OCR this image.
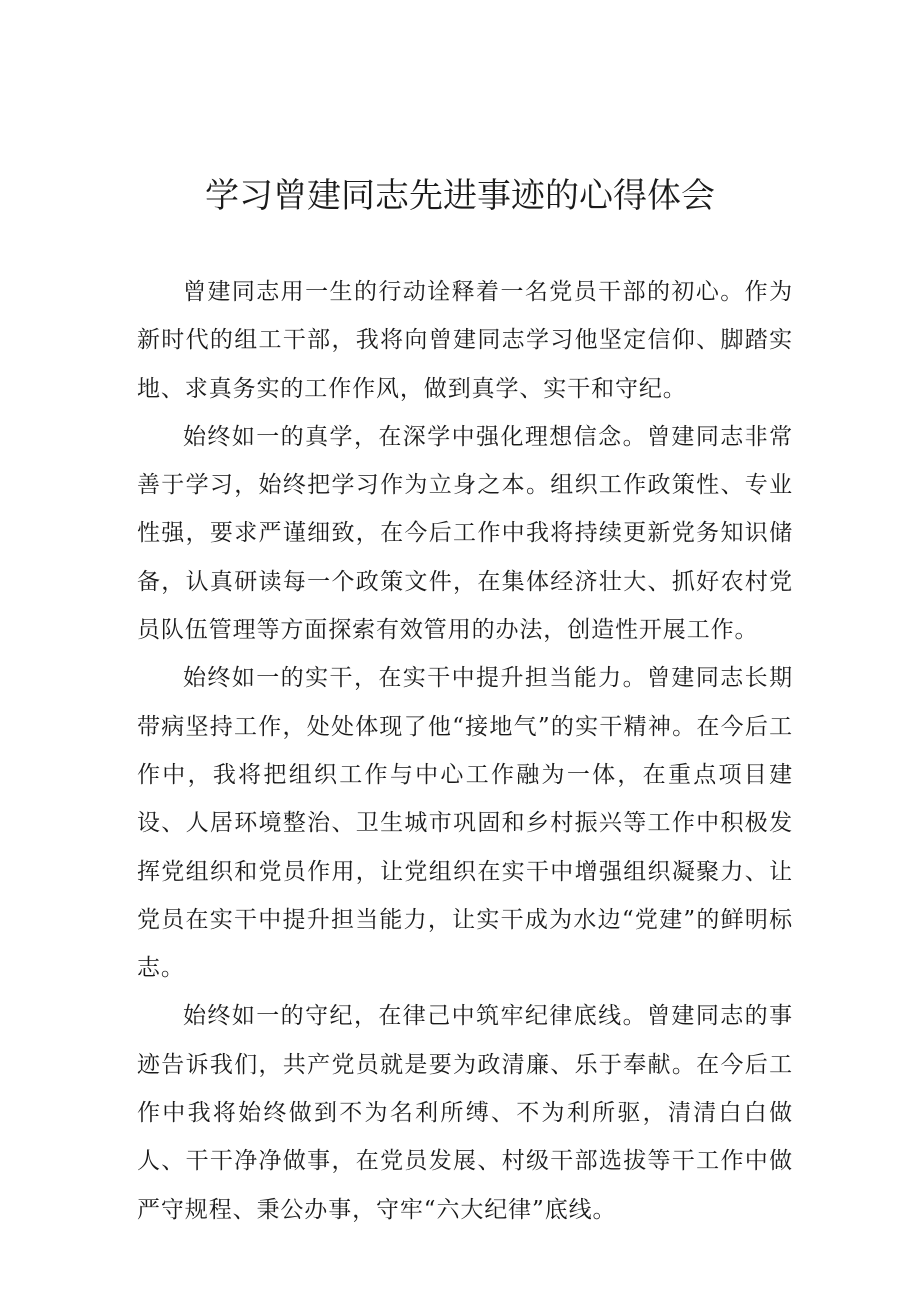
学习曾建同志先进事迹的心得体会

曾建同志用一生的行动诠释着一名党员干部的初心。作为新时代的组工干部，我将向曾建同志学习他坚定信仰、脚踏实地、求真务实的工作作风，做到真学、实干和守纪。

始终如一的真学，在深学中强化理想信念。曾建同志非常善于学习，始终把学习作为立身之本。组织工作政策性、专业性强，要求严谨细致，在今后工作中我将持续更新党务知识储备，认真研读每一个政策文件，在集体经济壮大、抓好农村党员队伍管理等方面探索有效管用的办法，创造性开展工作。

始终如一的实干，在实干中提升担当能力。曾建同志长期带病坚持工作，处处体现了他“接地气”的实干精神。在今后工作中，我将把组织工作与中心工作融为一体，在重点项目建设、人居环境整治、卫生城市巩固和乡村振兴等工作中积极发挥党组织和党员作用，让党组织在实干中增强组织凝聚力、让党员在实干中提升担当能力，让实干成为水边“党建”的鲜明标志。

始终如一的守纪，在律己中筑牢纪律底线。曾建同志的事迹告诉我们，共产党员就是要为政清廉、乐于奉献。在今后工作中我将始终做到不为名利所缚、不为利所驱，清清白白做人、干干净净做事，在党员发展、村级干部选拔等干工作中做严守规程、秉公办事，守牢“六大纪律”底线。
